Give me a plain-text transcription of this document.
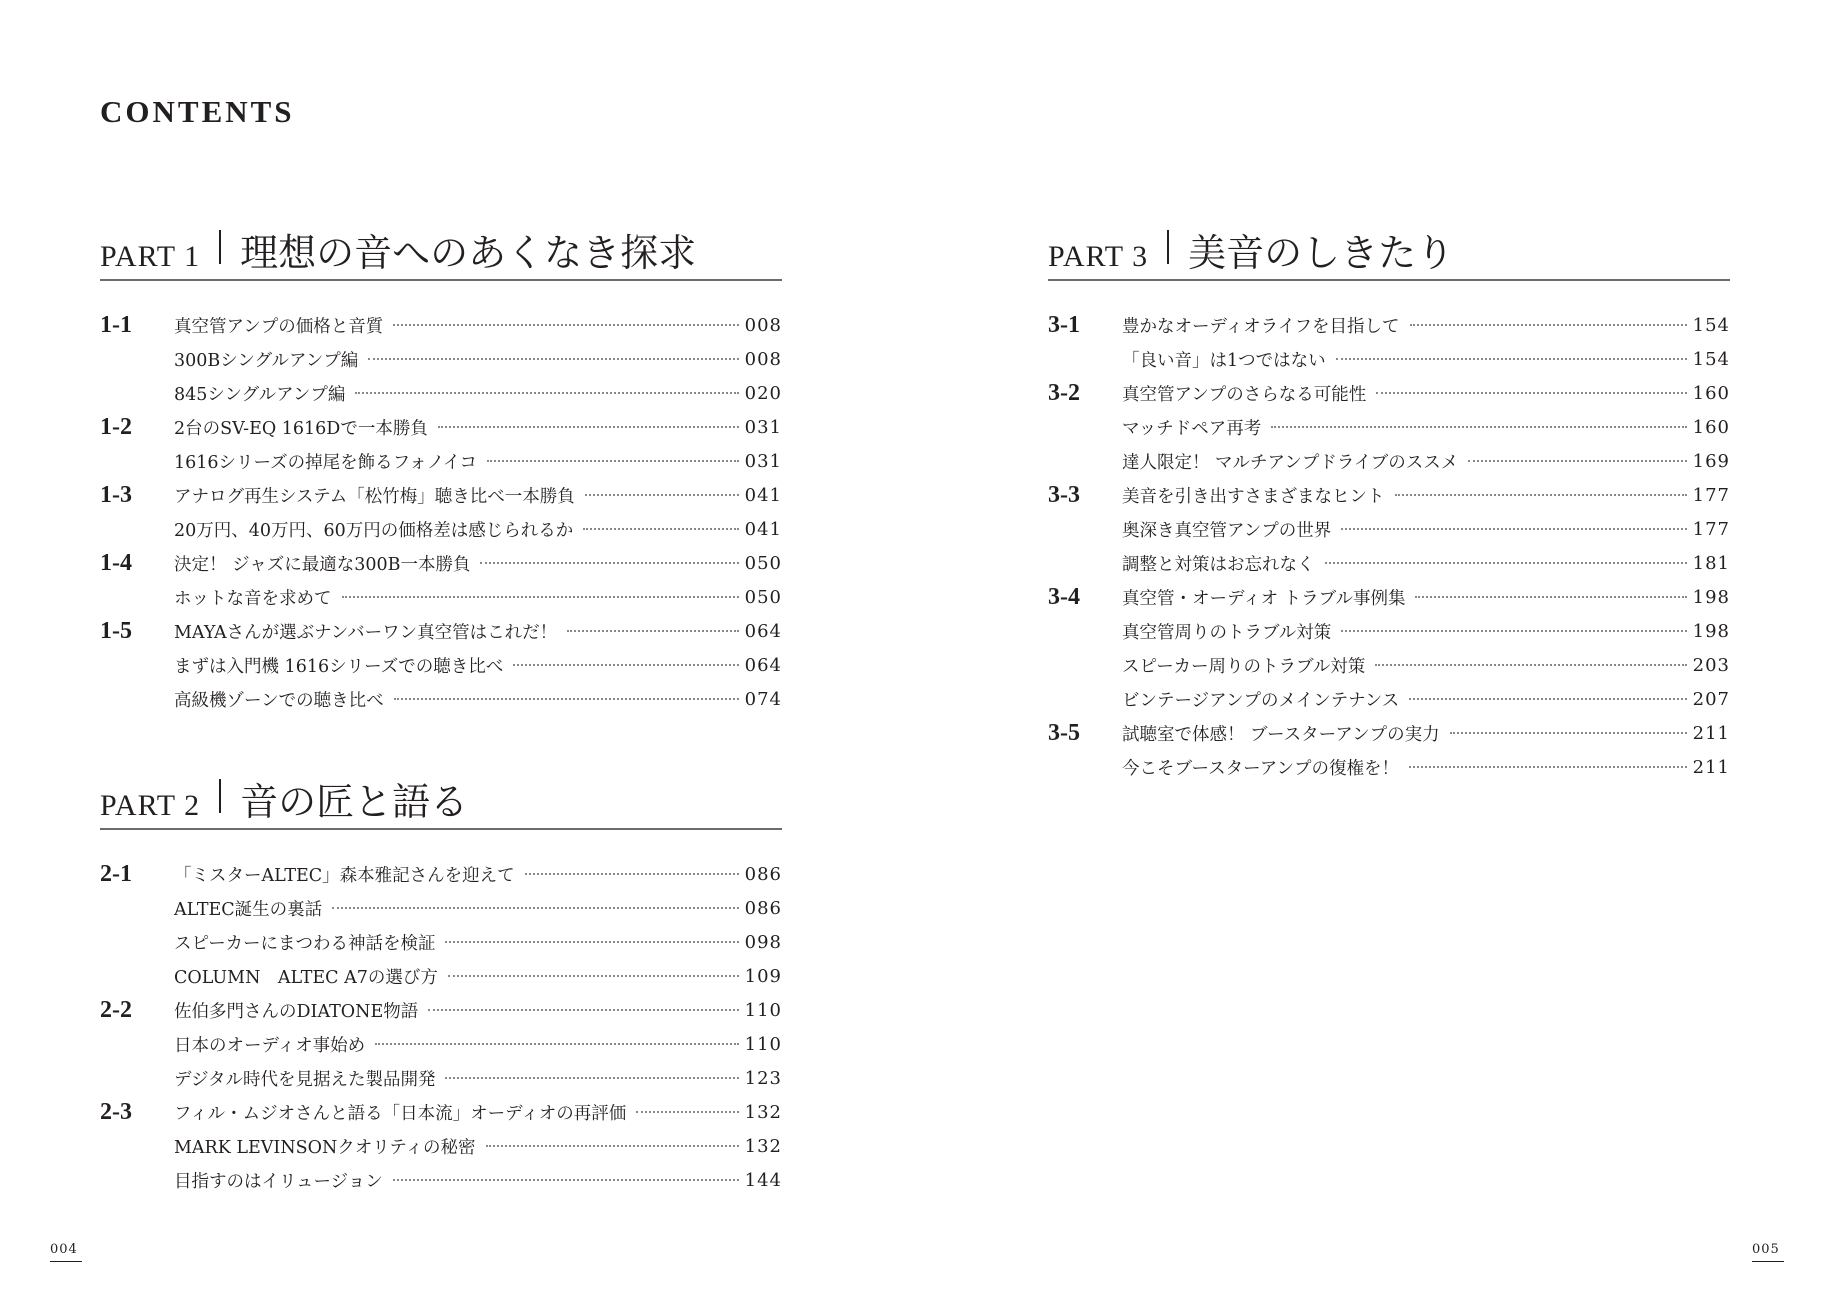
CONTENTS
PART 1 理想の音へのあくなき探求
1-1	真空管アンプの価格と音質	008
300Bシングルアンプ編	008
845シングルアンプ編	020
1-2	2台のSV-EQ 1616Dで一本勝負	031
1616シリーズの掉尾を飾るフォノイコ	031
1-3	アナログ再生システム「松竹梅」聴き比べ一本勝負	041
20万円、40万円、60万円の価格差は感じられるか	041
1-4	決定！ ジャズに最適な300B一本勝負	050
ホットな音を求めて	050
1-5	MAYAさんが選ぶナンバーワン真空管はこれだ！	064
まずは入門機 1616シリーズでの聴き比べ	064
高級機ゾーンでの聴き比べ	074
PART 2 音の匠と語る
2-1	「ミスターALTEC」森本雅記さんを迎えて	086
ALTEC誕生の裏話	086
スピーカーにまつわる神話を検証	098
COLUMN　ALTEC A7の選び方	109
2-2	佐伯多門さんのDIATONE物語	110
日本のオーディオ事始め	110
デジタル時代を見据えた製品開発	123
2-3	フィル・ムジオさんと語る「日本流」オーディオの再評価	132
MARK LEVINSONクオリティの秘密	132
目指すのはイリュージョン	144
PART 3 美音のしきたり
3-1	豊かなオーディオライフを目指して	154
「良い音」は1つではない	154
3-2	真空管アンプのさらなる可能性	160
マッチドペア再考	160
達人限定！ マルチアンプドライブのススメ	169
3-3	美音を引き出すさまざまなヒント	177
奥深き真空管アンプの世界	177
調整と対策はお忘れなく	181
3-4	真空管・オーディオ トラブル事例集	198
真空管周りのトラブル対策	198
スピーカー周りのトラブル対策	203
ビンテージアンプのメインテナンス	207
3-5	試聴室で体感！ ブースターアンプの実力	211
今こそブースターアンプの復権を！	211
004	005
